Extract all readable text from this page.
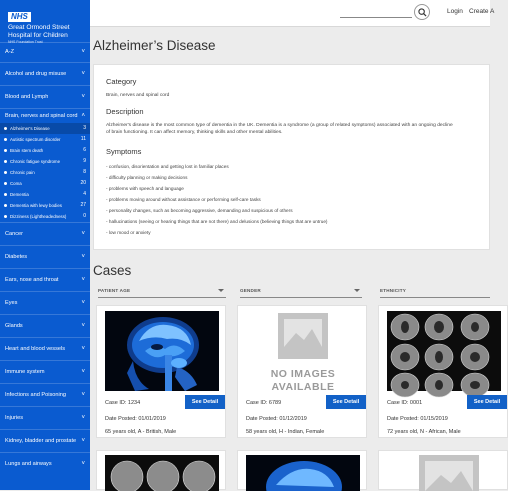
NHS
Great Ormond Street
Hospital for Children
NHS Foundation Trust
A-Z	˅
Alcohol and drug misuse	˅
Blood and Lymph	˅
Brain, nerves and spinal cord ˄
Alzheimer's Disease	3
Autistic spectrum disorder	11
Brain stem death	6
Chronic fatigue syndrome	9
Chronic pain	8
Coma	20
Dementia	4
Dementia with lewy bodies	27
Dizziness (Lightheadedness)	0
Cancer	˅
Diabetes	˅
Ears, nose and throat	˅
Eyes	˅
Glands	˅
Heart and blood vessels	˅
Immune system	˅
Infections and Poisoning	˅
Injuries	˅
Kidney, bladder and prostate ˅
Lungs and airways	˅
Login Create A
Alzheimer’s Disease
Category
Brain, nerves and spinal cord
Description
Alzheimer's disease is the most common type of dementia in the UK. Dementia is a syndrome (a group of related symptoms) associated with an ongoing decline
of brain functioning. It can affect memory, thinking skills and other mental abilities.
Symptoms
- confusion, disorientation and getting lost in familiar places
- difficulty planning or making decisions
- problems with speech and language
- problems moving around without assistance or performing self-care tasks
- personality changes, such as becoming aggressive, demanding and suspicious of others
- hallucinations (seeing or hearing things that are not there) and delusions (believing things that are untrue)
- low mood or anxiety
Cases
PATIENT AGE	GENDER	ETHNICITY
See Detail
Case ID: 1234
Date Posted: 01/01/2019
65 years old, A - British, Male
NO IMAGES
AVAILABLE
See Detail
Case ID: 6789
Date Posted: 01/12/2019
58 years old, H - Indian, Female
See Detail
Case ID: 0001
Date Posted: 01/15/2019
72 years old, N - African, Male
